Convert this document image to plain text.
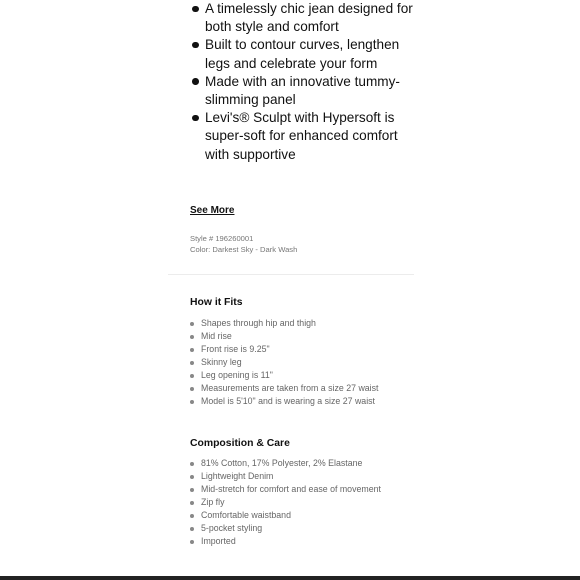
A timelessly chic jean designed for both style and comfort
Built to contour curves, lengthen legs and celebrate your form
Made with an innovative tummy-slimming panel
Levi's® Sculpt with Hypersoft is super-soft for enhanced comfort with supportive
See More
Style # 196260001
Color: Darkest Sky - Dark Wash
How it Fits
Shapes through hip and thigh
Mid rise
Front rise is 9.25"
Skinny leg
Leg opening is 11"
Measurements are taken from a size 27 waist
Model is 5'10" and is wearing a size 27 waist
Composition & Care
81% Cotton, 17% Polyester, 2% Elastane
Lightweight Denim
Mid-stretch for comfort and ease of movement
Zip fly
Comfortable waistband
5-pocket styling
Imported
